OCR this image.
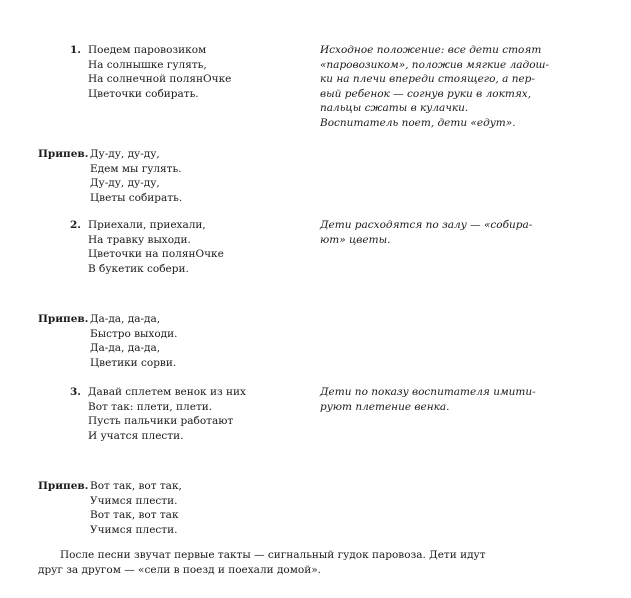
1. Поедем паровозиком
На солнышке гулять,
На солнечной полянОчке
Цветочки собирать.
Исходное положение: все дети стоят
«паровозиком», положив мягкие ладош-
ки на плечи впереди стоящего, а пер-
вый ребенок — согнув руки в локтях,
пальцы сжаты в кулачки.
Воспитатель поет, дети «едут».
Припев. Ду-ду, ду-ду,
Едем мы гулять.
Ду-ду, ду-ду,
Цветы собирать.
2. Приехали, приехали,
На травку выходи.
Цветочки на полянОчке
В букетик собери.
Дети расходятся по залу — «собира-
ют» цветы.
Припев. Да-да, да-да,
Быстро выходи.
Да-да, да-да,
Цветики сорви.
3. Давай сплетем венок из них
Вот так: плети, плети.
Пусть пальчики работают
И учатся плести.
Дети по показу воспитателя имити-
руют плетение венка.
Припев. Вот так, вот так,
Учимся плести.
Вот так, вот так
Учимся плести.
После песни звучат первые такты — сигнальный гудок паровоза. Дети идут
друг за другом — «сели в поезд и поехали домой».
